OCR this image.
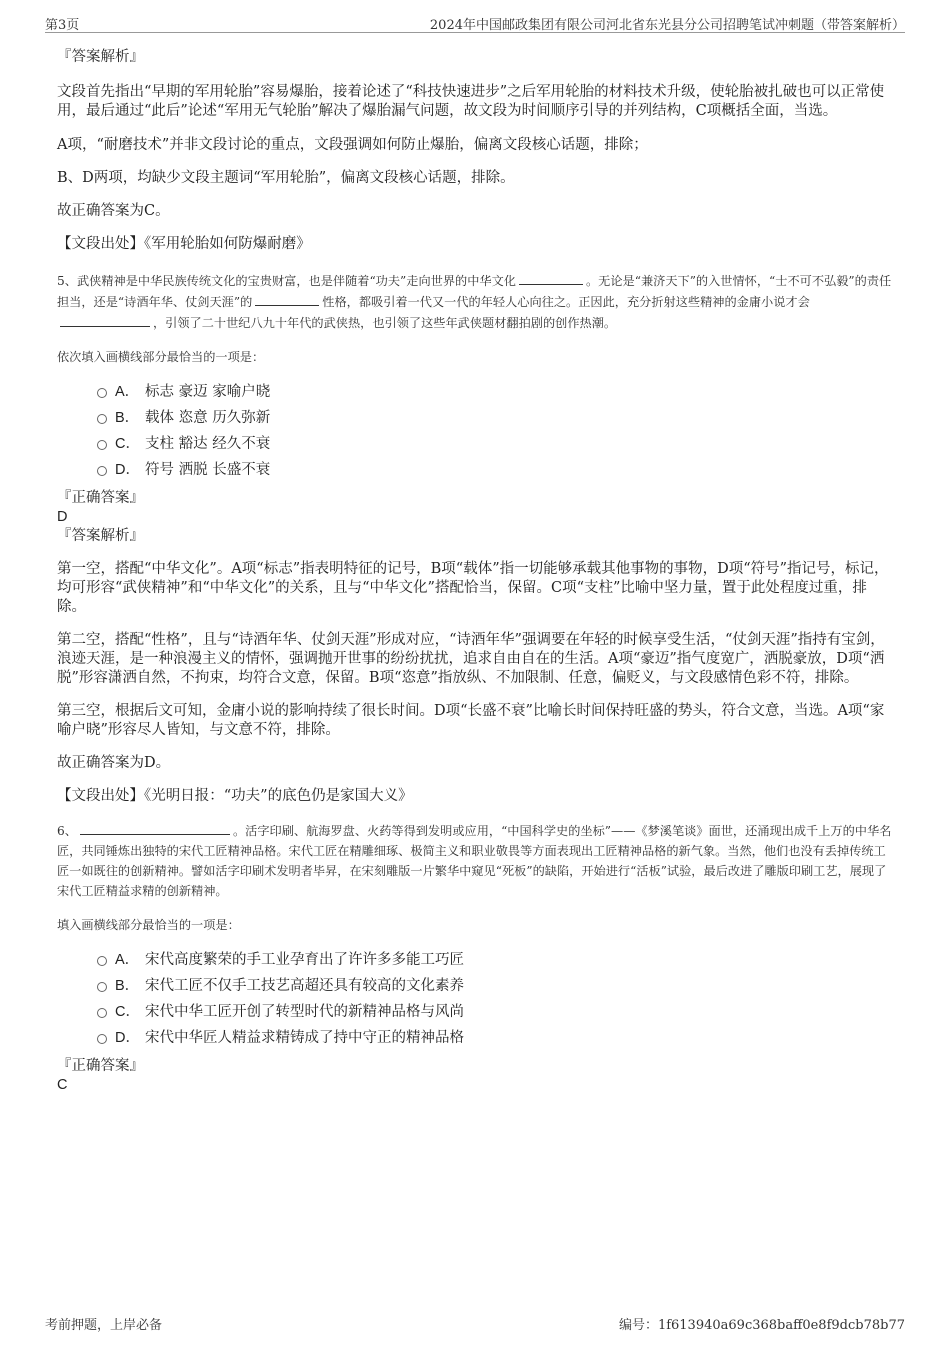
第3页	2024年中国邮政集团有限公司河北省东光县分公司招聘笔试冲刺题（带答案解析）

『答案解析』

文段首先指出“早期的军用轮胎”容易爆胎，接着论述了“科技快速进步”之后军用轮胎的材料技术升级，使轮胎被扎破也可以正常使用，最后通过“此后”论述“军用无气轮胎”解决了爆胎漏气问题，故文段为时间顺序引导的并列结构，C项概括全面，当选。

A项，“耐磨技术”并非文段讨论的重点，文段强调如何防止爆胎，偏离文段核心话题，排除；

B、D两项，均缺少文段主题词“军用轮胎”，偏离文段核心话题，排除。

故正确答案为C。

【文段出处】《军用轮胎如何防爆耐磨》

5、武侠精神是中华民族传统文化的宝贵财富，也是伴随着“功夫”走向世界的中华文化	。无论是“兼济天下”的入世情怀，“士不可不弘毅”的责任担当，还是“诗酒年华、仗剑天涯”的	性格，都吸引着一代又一代的年轻人心向往之。正因此，充分折射这些精神的金庸小说才会，引领了二十世纪八九十年代的武侠热，也引领了这些年武侠题材翻拍剧的创作热潮。

依次填入画横线部分最恰当的一项是：

A． 标志 豪迈 家喻户晓
B． 载体 恣意 历久弥新
C． 支柱 豁达 经久不衰
D． 符号 洒脱 长盛不衰

『正确答案』

D

『答案解析』

第一空，搭配“中华文化”。A项“标志”指表明特征的记号，B项“载体”指一切能够承载其他事物的事物，D项“符号”指记号，标记，均可形容“武侠精神”和“中华文化”的关系，且与“中华文化”搭配恰当，保留。C项“支柱”比喻中坚力量，置于此处程度过重，排除。

第二空，搭配“性格”，且与“诗酒年华、仗剑天涯”形成对应，“诗酒年华”强调要在年轻的时候享受生活，“仗剑天涯”指持有宝剑，浪迹天涯，是一种浪漫主义的情怀，强调抛开世事的纷纷扰扰，追求自由自在的生活。A项“豪迈”指气度宽广，洒脱豪放，D项“洒脱”形容潇洒自然，不拘束，均符合文意，保留。B项“恣意”指放纵、不加限制、任意，偏贬义，与文段感情色彩不符，排除。

第三空，根据后文可知，金庸小说的影响持续了很长时间。D项“长盛不衰”比喻长时间保持旺盛的势头，符合文意，当选。A项“家喻户晓”形容尽人皆知，与文意不符，排除。

故正确答案为D。

【文段出处】《光明日报：“功夫”的底色仍是家国大义》

6、	。活字印刷、航海罗盘、火药等得到发明或应用，“中国科学史的坐标”——《梦溪笔谈》面世，还涌现出成千上万的中华名匠，共同锤炼出独特的宋代工匠精神品格。宋代工匠在精雕细琢、极简主义和职业敬畏等方面表现出工匠精神品格的新气象。当然，他们也没有丢掉传统工匠一如既往的创新精神。譬如活字印刷术发明者毕昇，在宋刻雕版一片繁华中窥见“死板”的缺陷，开始进行“活板”试验，最后改进了雕版印刷工艺，展现了宋代工匠精益求精的创新精神。

填入画横线部分最恰当的一项是：

A． 宋代高度繁荣的手工业孕育出了许许多多能工巧匠
B． 宋代工匠不仅手工技艺高超还具有较高的文化素养
C． 宋代中华工匠开创了转型时代的新精神品格与风尚
D． 宋代中华匠人精益求精铸成了持中守正的精神品格

『正确答案』

C

考前押题，上岸必备	编号：1f613940a69c368baff0e8f9dcb78b77
